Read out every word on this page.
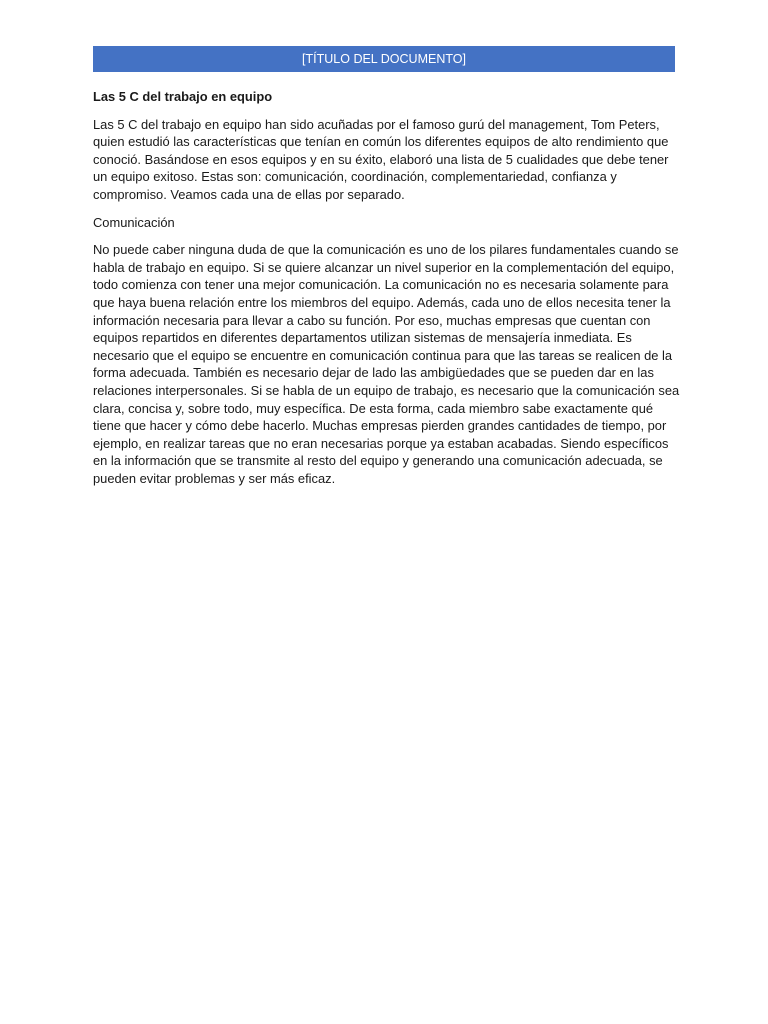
[TÍTULO DEL DOCUMENTO]

Las 5 C del trabajo en equipo

Las 5 C del trabajo en equipo han sido acuñadas por el famoso gurú del management, Tom Peters, quien estudió las características que tenían en común los diferentes equipos de alto rendimiento que conoció. Basándose en esos equipos y en su éxito, elaboró una lista de 5 cualidades que debe tener un equipo exitoso. Estas son: comunicación, coordinación, complementariedad, confianza y compromiso. Veamos cada una de ellas por separado.

Comunicación

No puede caber ninguna duda de que la comunicación es uno de los pilares fundamentales cuando se habla de trabajo en equipo. Si se quiere alcanzar un nivel superior en la complementación del equipo, todo comienza con tener una mejor comunicación. La comunicación no es necesaria solamente para que haya buena relación entre los miembros del equipo. Además, cada uno de ellos necesita tener la información necesaria para llevar a cabo su función. Por eso, muchas empresas que cuentan con equipos repartidos en diferentes departamentos utilizan sistemas de mensajería inmediata. Es necesario que el equipo se encuentre en comunicación continua para que las tareas se realicen de la forma adecuada. También es necesario dejar de lado las ambigüedades que se pueden dar en las relaciones interpersonales. Si se habla de un equipo de trabajo, es necesario que la comunicación sea clara, concisa y, sobre todo, muy específica. De esta forma, cada miembro sabe exactamente qué tiene que hacer y cómo debe hacerlo. Muchas empresas pierden grandes cantidades de tiempo, por ejemplo, en realizar tareas que no eran necesarias porque ya estaban acabadas. Siendo específicos en la información que se transmite al resto del equipo y generando una comunicación adecuada, se pueden evitar problemas y ser más eficaz.
